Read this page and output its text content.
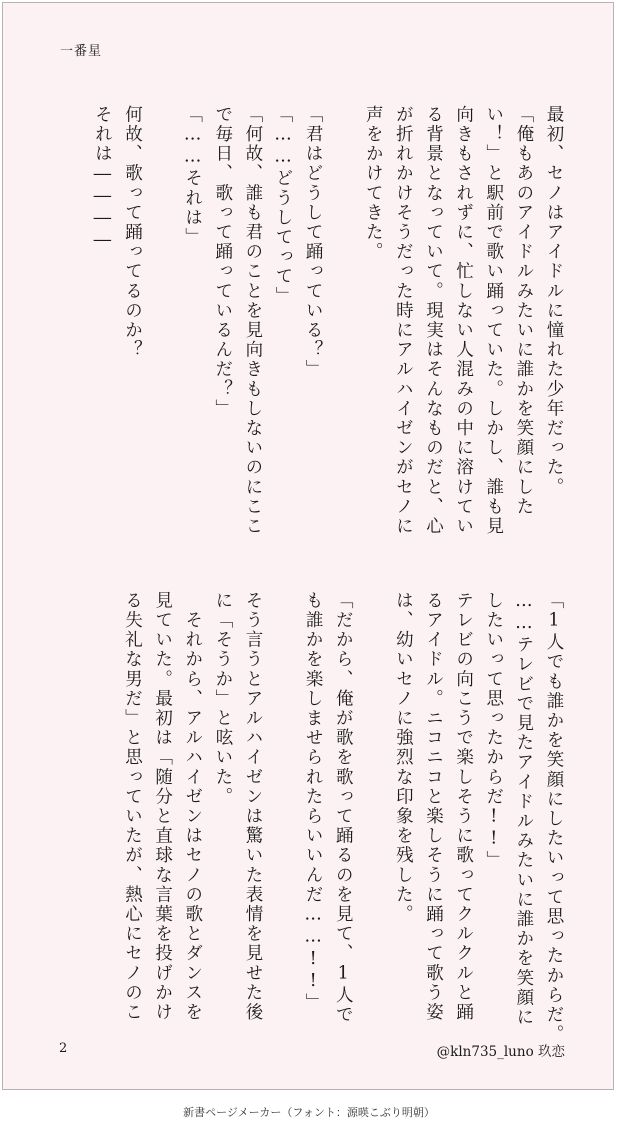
一番星
最初、セノはアイドルに憧れた少年だった。
「俺もあのアイドルみたいに誰かを笑顔にした
い！」と駅前で歌い踊っていた。しかし、誰も見
向きもされずに、忙しない人混みの中に溶けてい
る背景となっていて。現実はそんなものだと、心
が折れかけそうだった時にアルハイゼンがセノに
声をかけてきた。
「君はどうして踊っている？」
「……どうしてって」
「何故、誰も君のことを見向きもしないのにここ
で毎日、歌って踊っているんだ？」
「……それは」
何故、歌って踊ってるのか？
それは――――
「1人でも誰かを笑顔にしたいって思ったからだ。
……テレビで見たアイドルみたいに誰かを笑顔に
したいって思ったからだ!!」
テレビの向こうで楽しそうに歌ってクルクルと踊
るアイドル。ニコニコと楽しそうに踊って歌う姿
は、幼いセノに強烈な印象を残した。
「だから、俺が歌を歌って踊るのを見て、1人で
も誰かを楽しませられたらいいんだ……!!」
そう言うとアルハイゼンは驚いた表情を見せた後
に「そうか」と呟いた。
　それから、アルハイゼンはセノの歌とダンスを
見ていた。最初は「随分と直球な言葉を投げかけ
る失礼な男だ」と思っていたが、熱心にセノのこ
2	@kln735_luno 玖恋
新書ページメーカー（フォント：源暎こぶり明朝）
